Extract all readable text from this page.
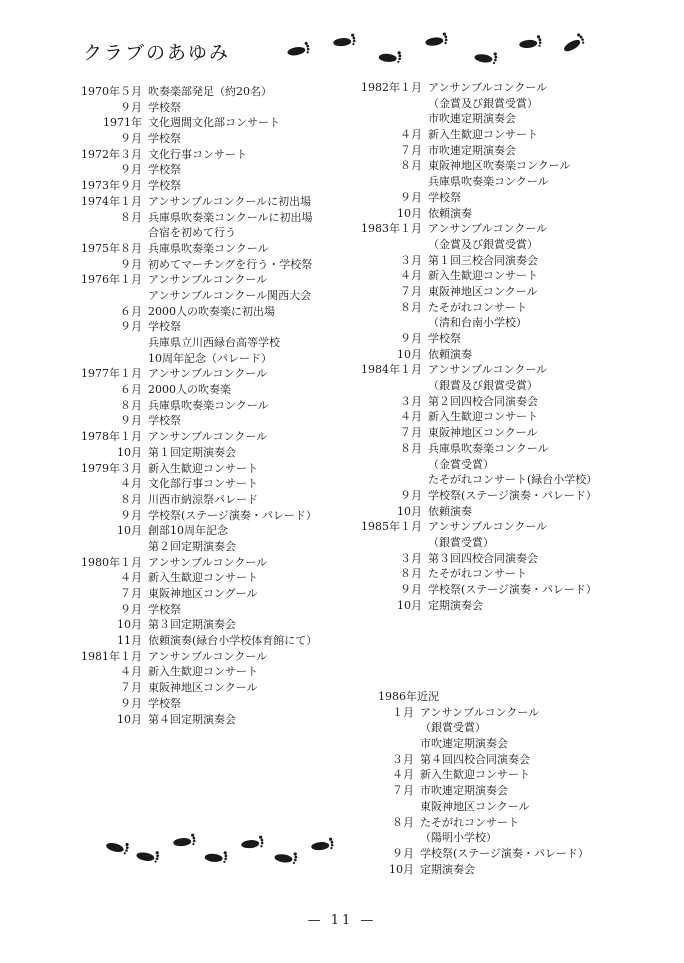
クラブのあゆみ
1970年５月 吹奏楽部発足（約20名）
９月 学校祭
1971年 文化週間文化部コンサート
９月 学校祭
1972年３月 文化行事コンサート
９月 学校祭
1973年９月 学校祭
1974年１月 アンサンブルコンクールに初出場
８月 兵庫県吹奏楽コンクールに初出場
合宿を初めて行う
1975年８月 兵庫県吹奏楽コンクール
９月 初めてマーチングを行う・学校祭
1976年１月 アンサンブルコンクール
アンサンブルコンクール関西大会
６月 2000人の吹奏楽に初出場
９月 学校祭
兵庫県立川西緑台高等学校
10周年記念（パレード）
1977年１月 アンサンブルコンクール
６月 2000人の吹奏楽
８月 兵庫県吹奏楽コンクール
９月 学校祭
1978年１月 アンサンブルコンクール
10月 第１回定期演奏会
1979年３月 新入生歓迎コンサート
４月 文化部行事コンサート
８月 川西市納涼祭パレード
９月 学校祭(ステージ演奏・パレード）
10月 創部10周年記念
第２回定期演奏会
1980年１月 アンサンブルコンクール
４月 新入生歓迎コンサート
７月 東阪神地区コングール
９月 学校祭
10月 第３回定期演奏会
11月 依頼演奏(緑台小学校体育館にて）
1981年１月 アンサンブルコンクール
４月 新入生歓迎コンサート
７月 東阪神地区コンクール
９月 学校祭
10月 第４回定期演奏会
1982年１月 アンサンブルコンクール
（金賞及び銀賞受賞）
市吹連定期演奏会
４月 新入生歓迎コンサート
７月 市吹連定期演奏会
８月 東阪神地区吹奏楽コンクール
兵庫県吹奏楽コンクール
９月 学校祭
10月 依頼演奏
1983年１月 アンサンブルコンクール
（金賞及び銀賞受賞）
３月 第１回三校合同演奏会
４月 新入生歓迎コンサート
７月 東阪神地区コンクール
８月 たそがれコンサート
（清和台南小学校）
９月 学校祭
10月 依頼演奏
1984年１月 アンサンブルコンクール
（銀賞及び銀賞受賞）
３月 第２回四校合同演奏会
４月 新入生歓迎コンサート
７月 東阪神地区コンクール
８月 兵庫県吹奏楽コンクール
（金賞受賞）
たそがれコンサート(緑台小学校）
９月 学校祭(ステージ演奏・パレード）
10月 依頼演奏
1985年１月 アンサンブルコンクール
（銀賞受賞）
３月 第３回四校合同演奏会
８月 たそがれコンサート
９月 学校祭(ステージ演奏・パレード）
10月 定期演奏会
1986年近況
１月 アンサンブルコンクール
（銀賞受賞）
市吹連定期演奏会
３月 第４回四校合同演奏会
４月 新入生歓迎コンサート
７月 市吹連定期演奏会
東阪神地区コンクール
８月 たそがれコンサート
（陽明小学校）
９月 学校祭(ステージ演奏・パレード）
10月 定期演奏会
— 11 —
